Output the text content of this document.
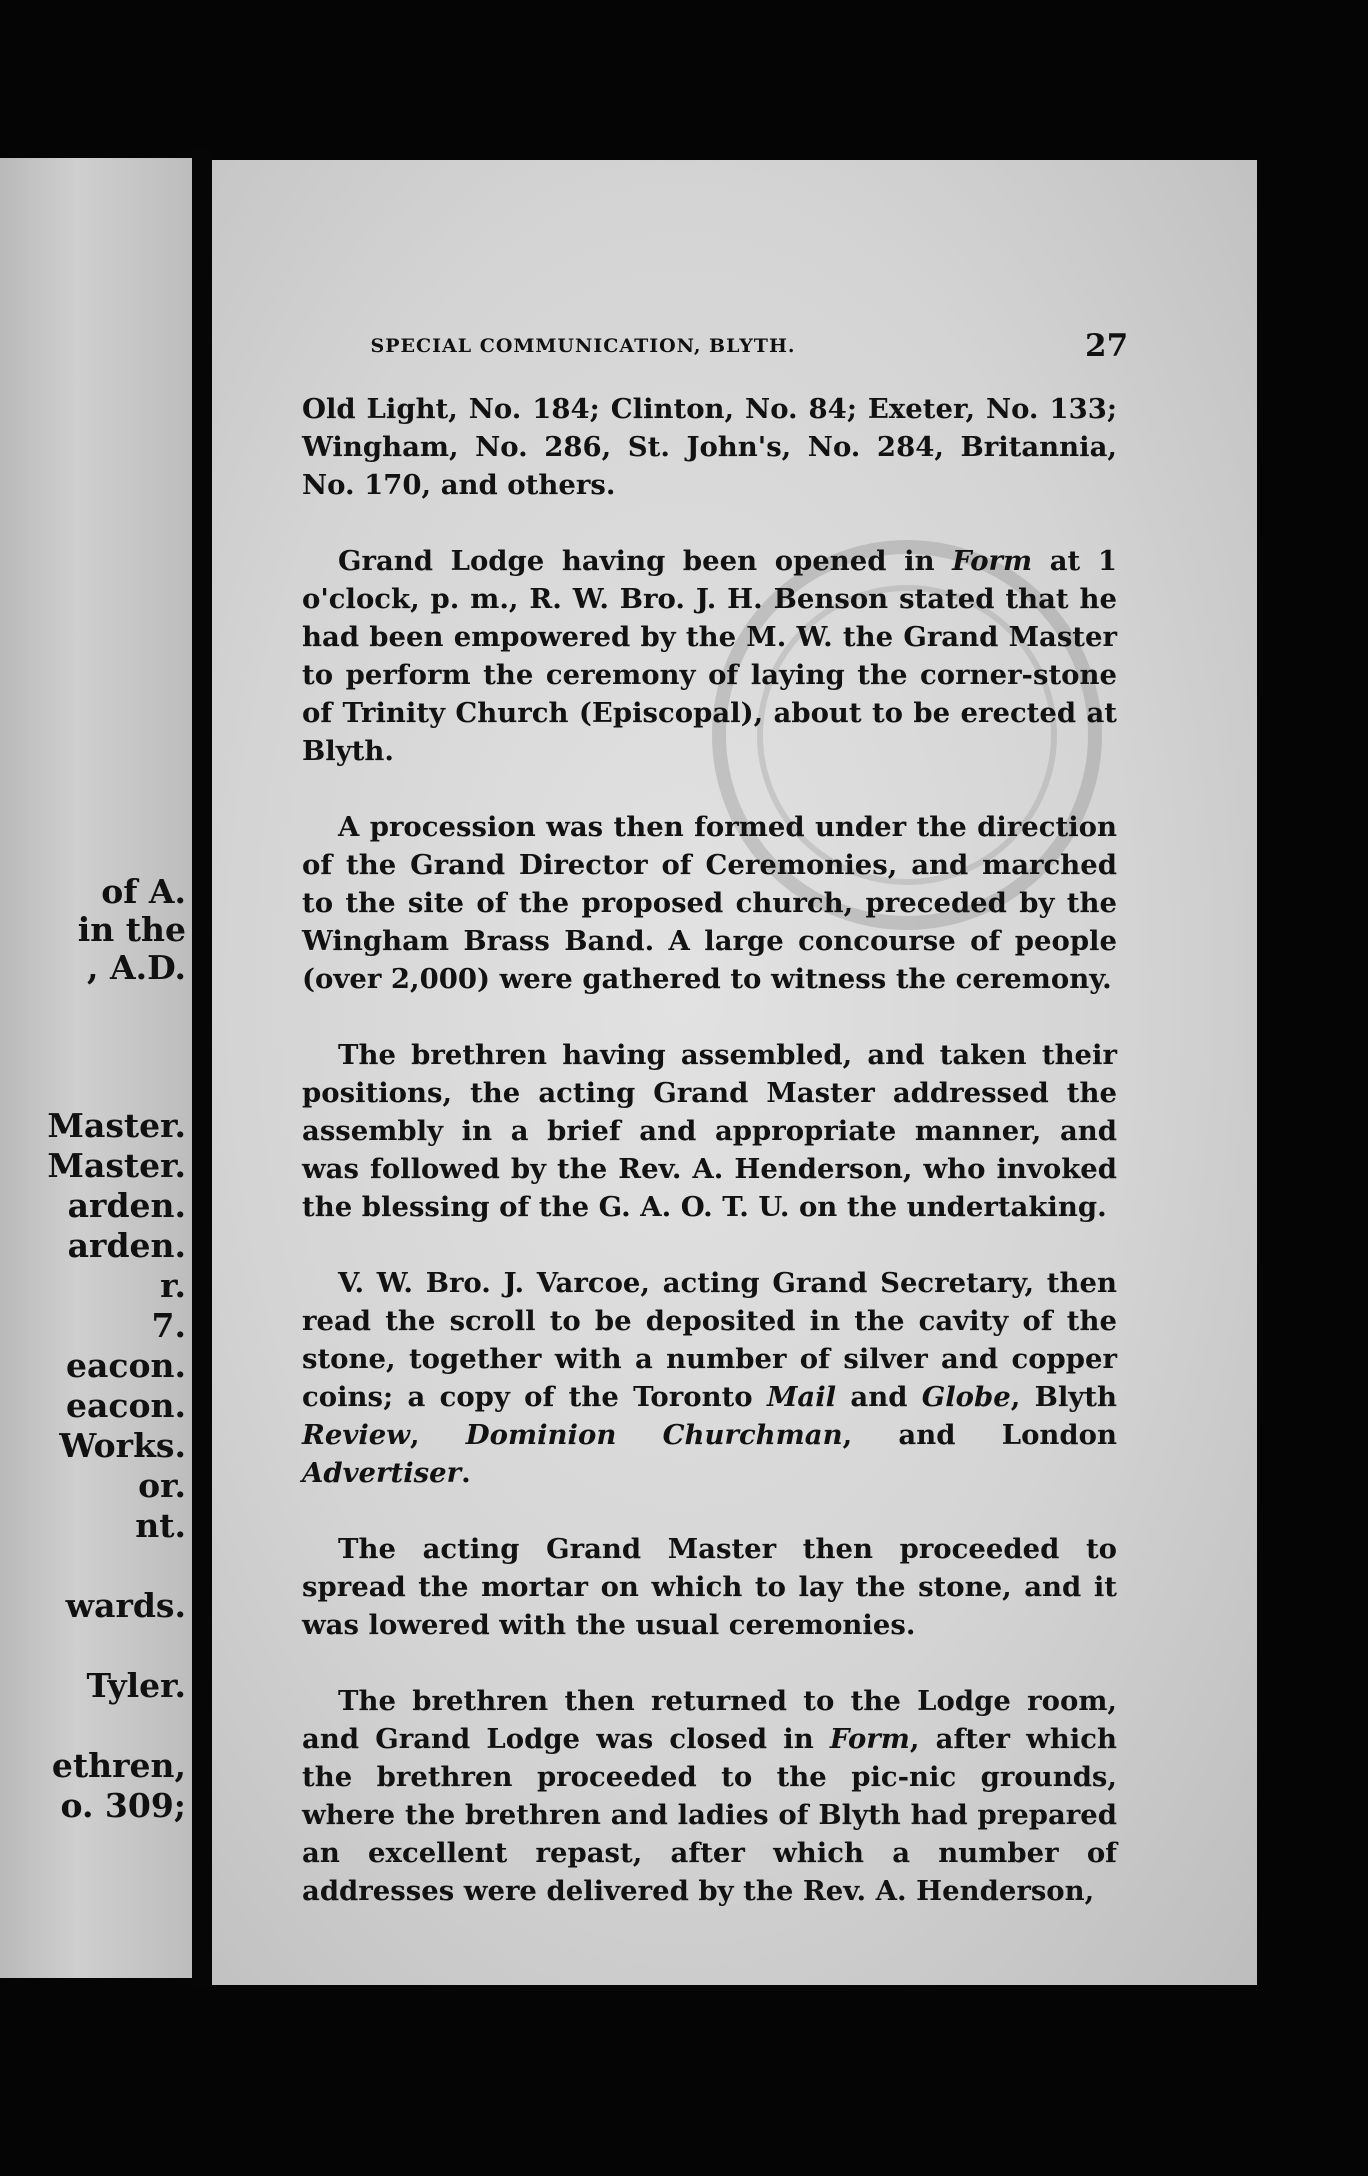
of A.
in the
, A.D.
Master.
Master.
arden.
arden.
r.
7.
eacon.
eacon.
Works.
or.
nt.
wards.
Tyler.
ethren,
o. 309;
SPECIAL COMMUNICATION, BLYTH.	27

Old Light, No. 184; Clinton, No. 84; Exeter, No. 133; Wingham, No. 286, St. John's, No. 284, Britannia, No. 170, and others.

Grand Lodge having been opened in Form at 1 o'clock, p. m., R. W. Bro. J. H. Benson stated that he had been empowered by the M. W. the Grand Master to perform the ceremony of laying the corner-stone of Trinity Church (Episcopal), about to be erected at Blyth.

A procession was then formed under the direction of the Grand Director of Ceremonies, and marched to the site of the proposed church, preceded by the Wingham Brass Band. A large concourse of people (over 2,000) were gathered to witness the ceremony.

The brethren having assembled, and taken their positions, the acting Grand Master addressed the assembly in a brief and appropriate manner, and was followed by the Rev. A. Henderson, who invoked the blessing of the G. A. O. T. U. on the undertaking.

V. W. Bro. J. Varcoe, acting Grand Secretary, then read the scroll to be deposited in the cavity of the stone, together with a number of silver and copper coins; a copy of the Toronto Mail and Globe, Blyth Review, Dominion Churchman, and London Advertiser.

The acting Grand Master then proceeded to spread the mortar on which to lay the stone, and it was lowered with the usual ceremonies.

The brethren then returned to the Lodge room, and Grand Lodge was closed in Form, after which the brethren proceeded to the pic-nic grounds, where the brethren and ladies of Blyth had prepared an excellent repast, after which a number of addresses were delivered by the Rev. A. Henderson,
